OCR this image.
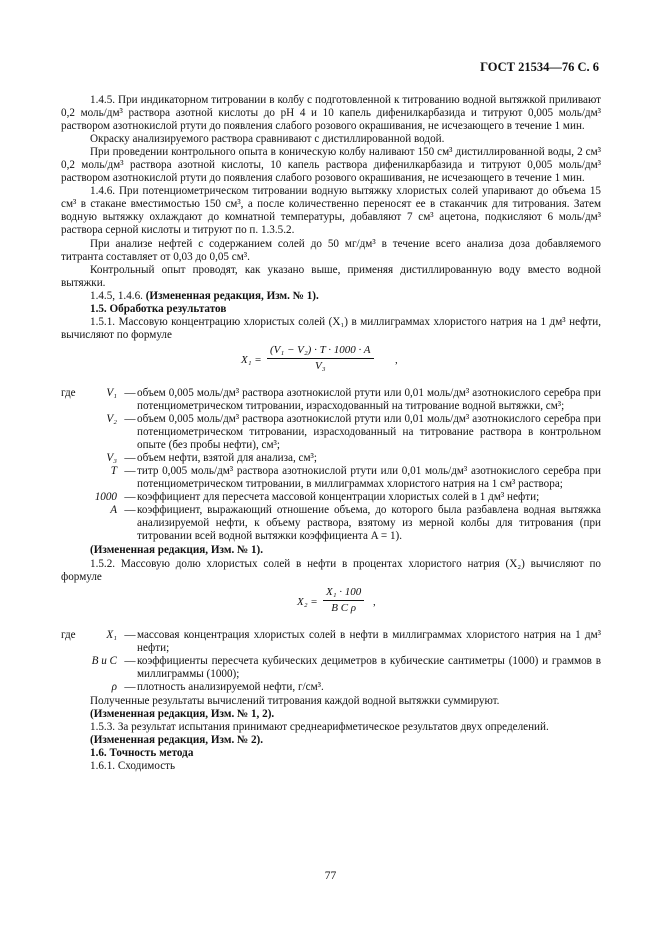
ГОСТ 21534—76 С. 6

1.4.5. При индикаторном титровании в колбу с подготовленной к титрованию водной вытяжкой приливают 0,2 моль/дм³ раствора азотной кислоты до рН 4 и 10 капель дифенилкарбазида и титруют 0,005 моль/дм³ раствором азотнокислой ртути до появления слабого розового окрашивания, не исчезающего в течение 1 мин.

Окраску анализируемого раствора сравнивают с дистиллированной водой.

При проведении контрольного опыта в коническую колбу наливают 150 см³ дистиллированной воды, 2 см³ 0,2 моль/дм³ раствора азотной кислоты, 10 капель раствора дифенилкарбазида и титруют 0,005 моль/дм³ раствором азотнокислой ртути до появления слабого розового окрашивания, не исчезающего в течение 1 мин.

1.4.6. При потенциометрическом титровании водную вытяжку хлористых солей упаривают до объема 15 см³ в стакане вместимостью 150 см³, а после количественно переносят ее в стаканчик для титрования. Затем водную вытяжку охлаждают до комнатной температуры, добавляют 7 см³ ацетона, подкисляют 6 моль/дм³ раствора серной кислоты и титруют по п. 1.3.5.2.

При анализе нефтей с содержанием солей до 50 мг/дм³ в течение всего анализа доза добавляемого титранта составляет от 0,03 до 0,05 см³.

Контрольный опыт проводят, как указано выше, применяя дистиллированную воду вместо водной вытяжки.

1.4.5, 1.4.6. (Измененная редакция, Изм. № 1).

1.5. Обработка результатов

1.5.1. Массовую концентрацию хлористых солей (X₁) в миллиграммах хлористого натрия на 1 дм³ нефти, вычисляют по формуле

$X_1 = \frac{\text{(V₁ − V₂) · T · 1000 · A}}{\text{V₃}}$ ,
где	V₁ — объем 0,005 моль/дм³ раствора азотнокислой ртути или 0,01 моль/дм³ азотнокислого серебра при потенциометрическом титровании, израсходованный на титрование водной вытяжки, см³;
V₂ — объем 0,005 моль/дм³ раствора азотнокислой ртути или 0,01 моль/дм³ азотнокислого серебра при потенциометрическом титровании, израсходованный на титрование раствора в контрольном опыте (без пробы нефти), см³;
V₃ — объем нефти, взятой для анализа, см³;
T — титр 0,005 моль/дм³ раствора азотнокислой ртути или 0,01 моль/дм³ азотнокислого серебра при потенциометрическом титровании, в миллиграммах хлористого натрия на 1 см³ раствора;
1000 — коэффициент для пересчета массовой концентрации хлористых солей в 1 дм³ нефти;
A — коэффициент, выражающий отношение объема, до которого была разбавлена водная вытяжка анализируемой нефти, к объему раствора, взятому из мерной колбы для титрования (при титровании всей водной вытяжки коэффициента A = 1).

(Измененная редакция, Изм. № 1).

1.5.2. Массовую долю хлористых солей в нефти в процентах хлористого натрия (X₂) вычисляют по формуле

$X_2 = \frac{\text{X₁ · 100}}{\text{B C ρ}}$ ,
где	X₁ — массовая концентрация хлористых солей в нефти в миллиграммах хлористого натрия на 1 дм³ нефти;
B и C — коэффициенты пересчета кубических дециметров в кубические сантиметры (1000) и граммов в миллиграммы (1000);
ρ — плотность анализируемой нефти, г/см³.

Полученные результаты вычислений титрования каждой водной вытяжки суммируют.

(Измененная редакция, Изм. № 1, 2).

1.5.3. За результат испытания принимают среднеарифметическое результатов двух определений.

(Измененная редакция, Изм. № 2).

1.6. Точность метода

1.6.1. Сходимость

77
